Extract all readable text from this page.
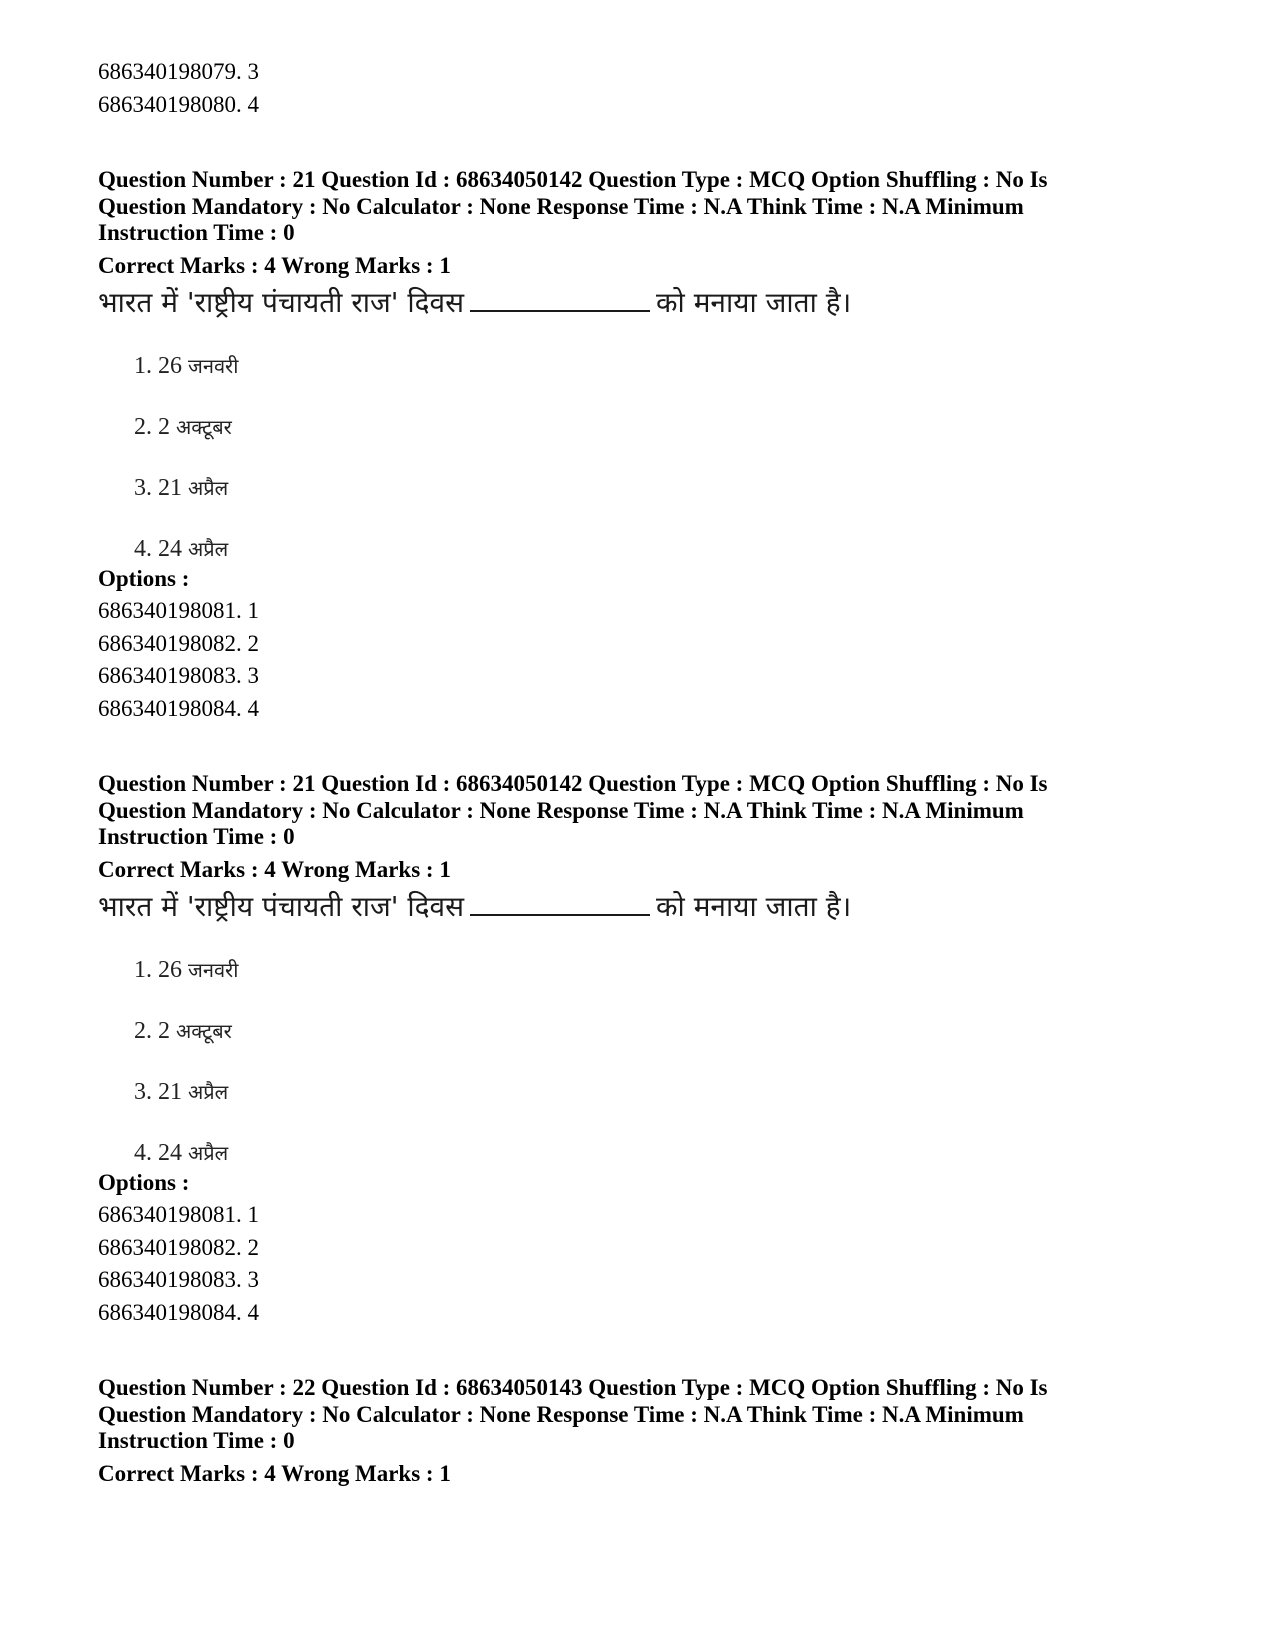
686340198079. 3
686340198080. 4
Question Number : 21 Question Id : 68634050142 Question Type : MCQ Option Shuffling : No Is
Question Mandatory : No Calculator : None Response Time : N.A Think Time : N.A Minimum
Instruction Time : 0
Correct Marks : 4 Wrong Marks : 1
भारत में 'राष्ट्रीय पंचायती राज' दिवस	को मनाया जाता है।
1. 26 जनवरी
2. 2 अक्टूबर
3. 21 अप्रैल
4. 24 अप्रैल
Options :
686340198081. 1
686340198082. 2
686340198083. 3
686340198084. 4
Question Number : 21 Question Id : 68634050142 Question Type : MCQ Option Shuffling : No Is
Question Mandatory : No Calculator : None Response Time : N.A Think Time : N.A Minimum
Instruction Time : 0
Correct Marks : 4 Wrong Marks : 1
भारत में 'राष्ट्रीय पंचायती राज' दिवस	को मनाया जाता है।
1. 26 जनवरी
2. 2 अक्टूबर
3. 21 अप्रैल
4. 24 अप्रैल
Options :
686340198081. 1
686340198082. 2
686340198083. 3
686340198084. 4
Question Number : 22 Question Id : 68634050143 Question Type : MCQ Option Shuffling : No Is
Question Mandatory : No Calculator : None Response Time : N.A Think Time : N.A Minimum
Instruction Time : 0
Correct Marks : 4 Wrong Marks : 1
